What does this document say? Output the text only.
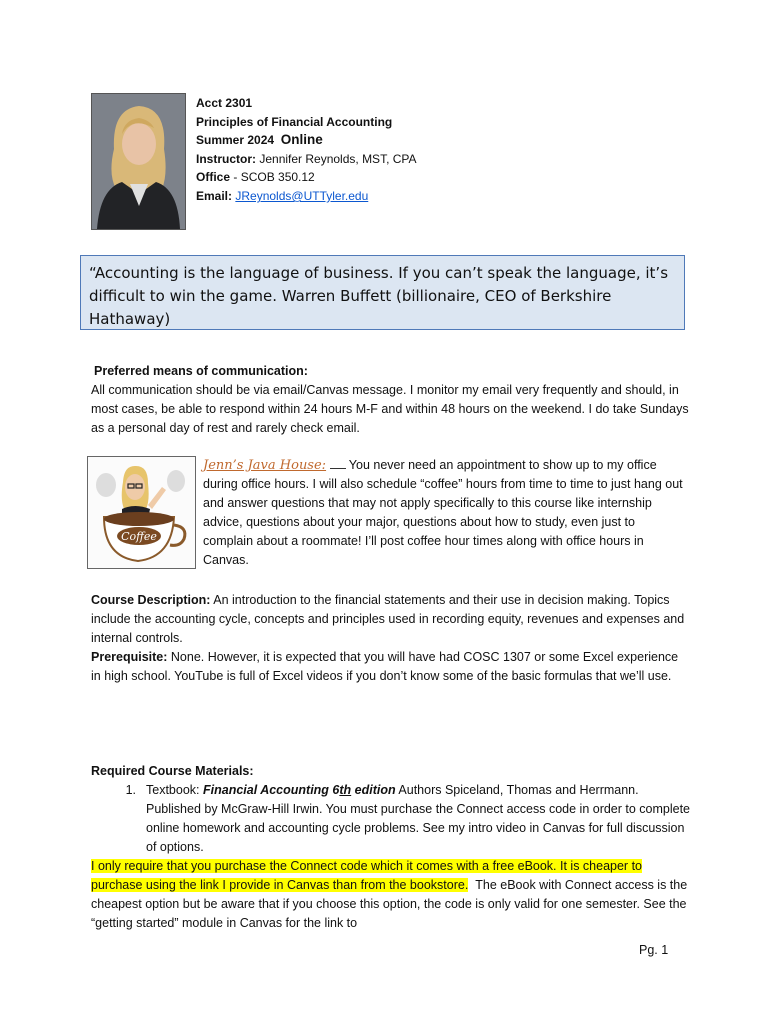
Acct 2301
Principles of Financial Accounting
Summer 2024 Online
Instructor: Jennifer Reynolds, MST, CPA
Office - SCOB 350.12
Email: JReynolds@UTTyler.edu
“Accounting is the language of business. If you can’t speak the language, it’s difficult to win the game. Warren Buffett (billionaire, CEO of Berkshire Hathaway)
Preferred means of communication:
All communication should be via email/Canvas message. I monitor my email very frequently and should, in most cases, be able to respond within 24 hours M-F and within 48 hours on the weekend. I do take Sundays as a personal day of rest and rarely check email.
Coffee
Jenn’s Java House: You never need an appointment to show up to my office during office hours. I will also schedule “coffee” hours from time to time to just hang out and answer questions that may not apply specifically to this course like internship advice, questions about your major, questions about how to study, even just to complain about a roommate! I’ll post coffee hour times along with office hours in Canvas.
Course Description: An introduction to the financial statements and their use in decision making. Topics include the accounting cycle, concepts and principles used in recording equity, revenues and expenses and internal controls.
Prerequisite: None. However, it is expected that you will have had COSC 1307 or some Excel experience in high school. YouTube is full of Excel videos if you don’t know some of the basic formulas that we’ll use.
Required Course Materials:
1. Textbook: Financial Accounting 6th edition Authors Spiceland, Thomas and Herrmann. Published by McGraw-Hill Irwin. You must purchase the Connect access code in order to complete online homework and accounting cycle problems. See my intro video in Canvas for full discussion of options.
I only require that you purchase the Connect code which it comes with a free eBook. It is cheaper to purchase using the link I provide in Canvas than from the bookstore. The eBook with Connect access is the cheapest option but be aware that if you choose this option, the code is only valid for one semester. See the “getting started” module in Canvas for the link to
Pg. 1
